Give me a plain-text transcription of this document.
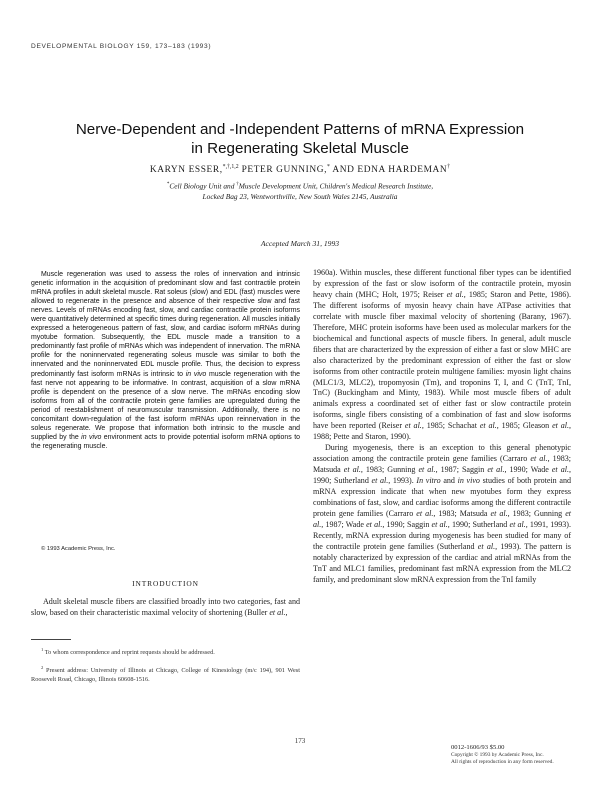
DEVELOPMENTAL BIOLOGY 159, 173–183 (1993)
Nerve-Dependent and -Independent Patterns of mRNA Expression
in Regenerating Skeletal Muscle
KARYN ESSER,$^{*,\dagger,1,2}$ PETER GUNNING,* AND EDNA HARDEMAN†
*Cell Biology Unit and †Muscle Development Unit, Children's Medical Research Institute,
Locked Bag 23, Wentworthville, New South Wales 2145, Australia
Accepted March 31, 1993
Muscle regeneration was used to assess the roles of innervation and intrinsic genetic information in the acquisition of predominant slow and fast contractile protein mRNA profiles in adult skeletal muscle. Rat soleus (slow) and EDL (fast) muscles were allowed to regenerate in the presence and absence of their respective slow and fast nerves. Levels of mRNAs encoding fast, slow, and cardiac contractile protein isoforms were quantitatively determined at specific times during regeneration. All muscles initially expressed a heterogeneous pattern of fast, slow, and cardiac isoform mRNAs during myotube formation. Subsequently, the EDL muscle made a transition to a predominantly fast profile of mRNAs which was independent of innervation. The mRNA profile for the noninnervated regenerating soleus muscle was similar to both the innervated and the noninnervated EDL muscle profile. Thus, the decision to express predominantly fast isoform mRNAs is intrinsic to in vivo muscle regeneration with the fast nerve not appearing to be informative. In contrast, acquisition of a slow mRNA profile is dependent on the presence of a slow nerve. The mRNAs encoding slow isoforms from all of the contractile protein gene families are upregulated during the period of reestablishment of neuromuscular transmission. Additionally, there is no concomitant down-regulation of the fast isoform mRNAs upon reinnervation in the soleus regenerate. We propose that information both intrinsic to the muscle and supplied by the in vivo environment acts to provide potential isoform mRNA options to the regenerating muscle.
© 1993 Academic Press, Inc.
INTRODUCTION
Adult skeletal muscle fibers are classified broadly into two categories, fast and slow, based on their characteristic maximal velocity of shortening (Buller et al.,
$^1$ To whom correspondence and reprint requests should be addressed.
$^2$ Present address: University of Illinois at Chicago, College of Kinesiology (m/c 194), 901 West Roosevelt Road, Chicago, Illinois 60608-1516.

1960a). Within muscles, these different functional fiber types can be identified by expression of the fast or slow isoform of the contractile protein, myosin heavy chain (MHC; Holt, 1975; Reiser et al., 1985; Staron and Pette, 1986). The different isoforms of myosin heavy chain have ATPase activities that correlate with muscle fiber maximal velocity of shortening (Barany, 1967). Therefore, MHC protein isoforms have been used as molecular markers for the biochemical and functional aspects of muscle fibers. In general, adult muscle fibers that are characterized by the expression of either a fast or slow MHC are also characterized by the predominant expression of either the fast or slow isoforms from other contractile protein multigene families: myosin light chains (MLC1/3, MLC2), tropomyosin (Tm), and troponins T, I, and C (TnT, TnI, TnC) (Buckingham and Minty, 1983). While most muscle fibers of adult animals express a coordinated set of either fast or slow contractile protein isoforms, single fibers consisting of a combination of fast and slow isoforms have been reported (Reiser et al., 1985; Schachat et al., 1985; Gleason et al., 1988; Pette and Staron, 1990).

During myogenesis, there is an exception to this general phenotypic association among the contractile protein gene families (Carraro et al., 1983; Matsuda et al., 1983; Gunning et al., 1987; Saggin et al., 1990; Wade et al., 1990; Sutherland et al., 1993). In vitro and in vivo studies of both protein and mRNA expression indicate that when new myotubes form they express combinations of fast, slow, and cardiac isoforms among the different contractile protein gene families (Carraro et al., 1983; Matsuda et al., 1983; Gunning et al., 1987; Wade et al., 1990; Saggin et al., 1990; Sutherland et al., 1991, 1993). Recently, mRNA expression during myogenesis has been studied for many of the contractile protein gene families (Sutherland et al., 1993). The pattern is notably characterized by expression of the cardiac and atrial mRNAs from the TnT and MLC1 families, predominant fast mRNA expression from the MLC2 family, and predominant slow mRNA expression from the TnI family

173
0012-1606/93 $5.00
Copyright © 1993 by Academic Press, Inc.
All rights of reproduction in any form reserved.
